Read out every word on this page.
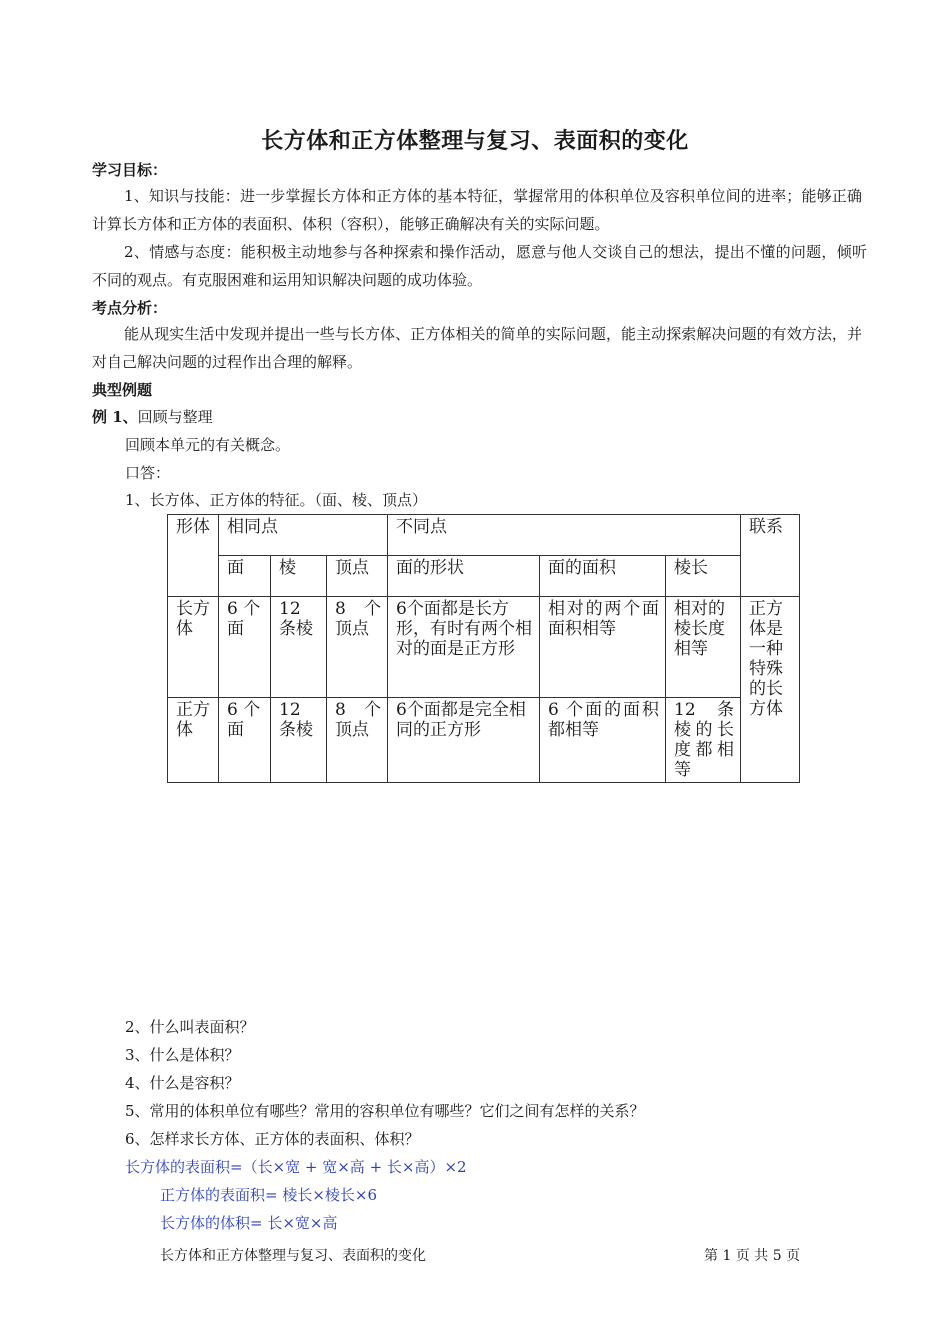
长方体和正方体整理与复习、表面积的变化
学习目标：
1、知识与技能：进一步掌握长方体和正方体的基本特征，掌握常用的体积单位及容积单位间的进率；能够正确计算长方体和正方体的表面积、体积（容积），能够正确解决有关的实际问题。
2、情感与态度：能积极主动地参与各种探索和操作活动，愿意与他人交谈自己的想法，提出不懂的问题，倾听不同的观点。有克服困难和运用知识解决问题的成功体验。
考点分析：
能从现实生活中发现并提出一些与长方体、正方体相关的简单的实际问题，能主动探索解决问题的有效方法，并对自己解决问题的过程作出合理的解释。
典型例题
例 1、回顾与整理
回顾本单元的有关概念。
口答：
1、长方体、正方体的特征。（面、棱、顶点）
形体	相同点			不同点			联系
	面	棱	顶点	面的形状	面的面积	棱长	
长方体	6 个面	12 条棱	8 个顶点	6个面都是长方形，有时有两个相对的面是正方形	相对的两个面面积相等	相对的棱长度相等	正方体是一种特殊的长方体
正方体	6 个面	12 条棱	8 个顶点	6个面都是完全相同的正方形	6 个面的面积都相等	12 条棱的长度都相等	
2、什么叫表面积？
3、什么是体积？
4、什么是容积？
5、常用的体积单位有哪些？常用的容积单位有哪些？它们之间有怎样的关系？
6、怎样求长方体、正方体的表面积、体积？
长方体的表面积=（长×宽 + 宽×高 + 长×高）×2
正方体的表面积= 棱长×棱长×6
长方体的体积= 长×宽×高
长方体和正方体整理与复习、表面积的变化	第 1 页 共 5 页
